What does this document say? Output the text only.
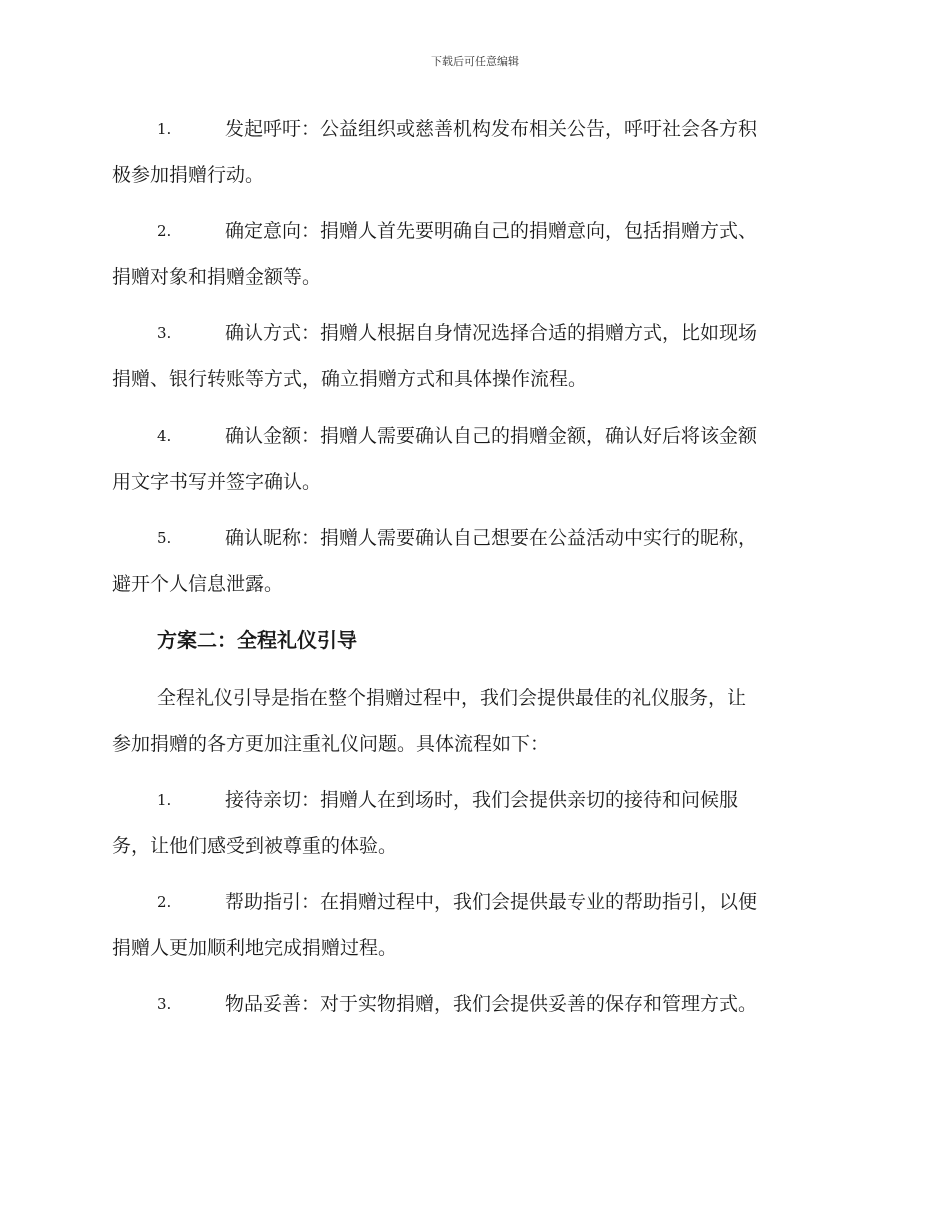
下载后可任意编辑
1.	发起呼吁：公益组织或慈善机构发布相关公告，呼吁社会各方积
极参加捐赠行动。
2.	确定意向：捐赠人首先要明确自己的捐赠意向，包括捐赠方式、
捐赠对象和捐赠金额等。
3.	确认方式：捐赠人根据自身情况选择合适的捐赠方式，比如现场
捐赠、银行转账等方式，确立捐赠方式和具体操作流程。
4.	确认金额：捐赠人需要确认自己的捐赠金额，确认好后将该金额
用文字书写并签字确认。
5.	确认昵称：捐赠人需要确认自己想要在公益活动中实行的昵称，
避开个人信息泄露。
方案二：全程礼仪引导
全程礼仪引导是指在整个捐赠过程中，我们会提供最佳的礼仪服务，让
参加捐赠的各方更加注重礼仪问题。具体流程如下：
1.	接待亲切：捐赠人在到场时，我们会提供亲切的接待和问候服
务，让他们感受到被尊重的体验。
2.	帮助指引：在捐赠过程中，我们会提供最专业的帮助指引，以便
捐赠人更加顺利地完成捐赠过程。
3.	物品妥善：对于实物捐赠，我们会提供妥善的保存和管理方式。
